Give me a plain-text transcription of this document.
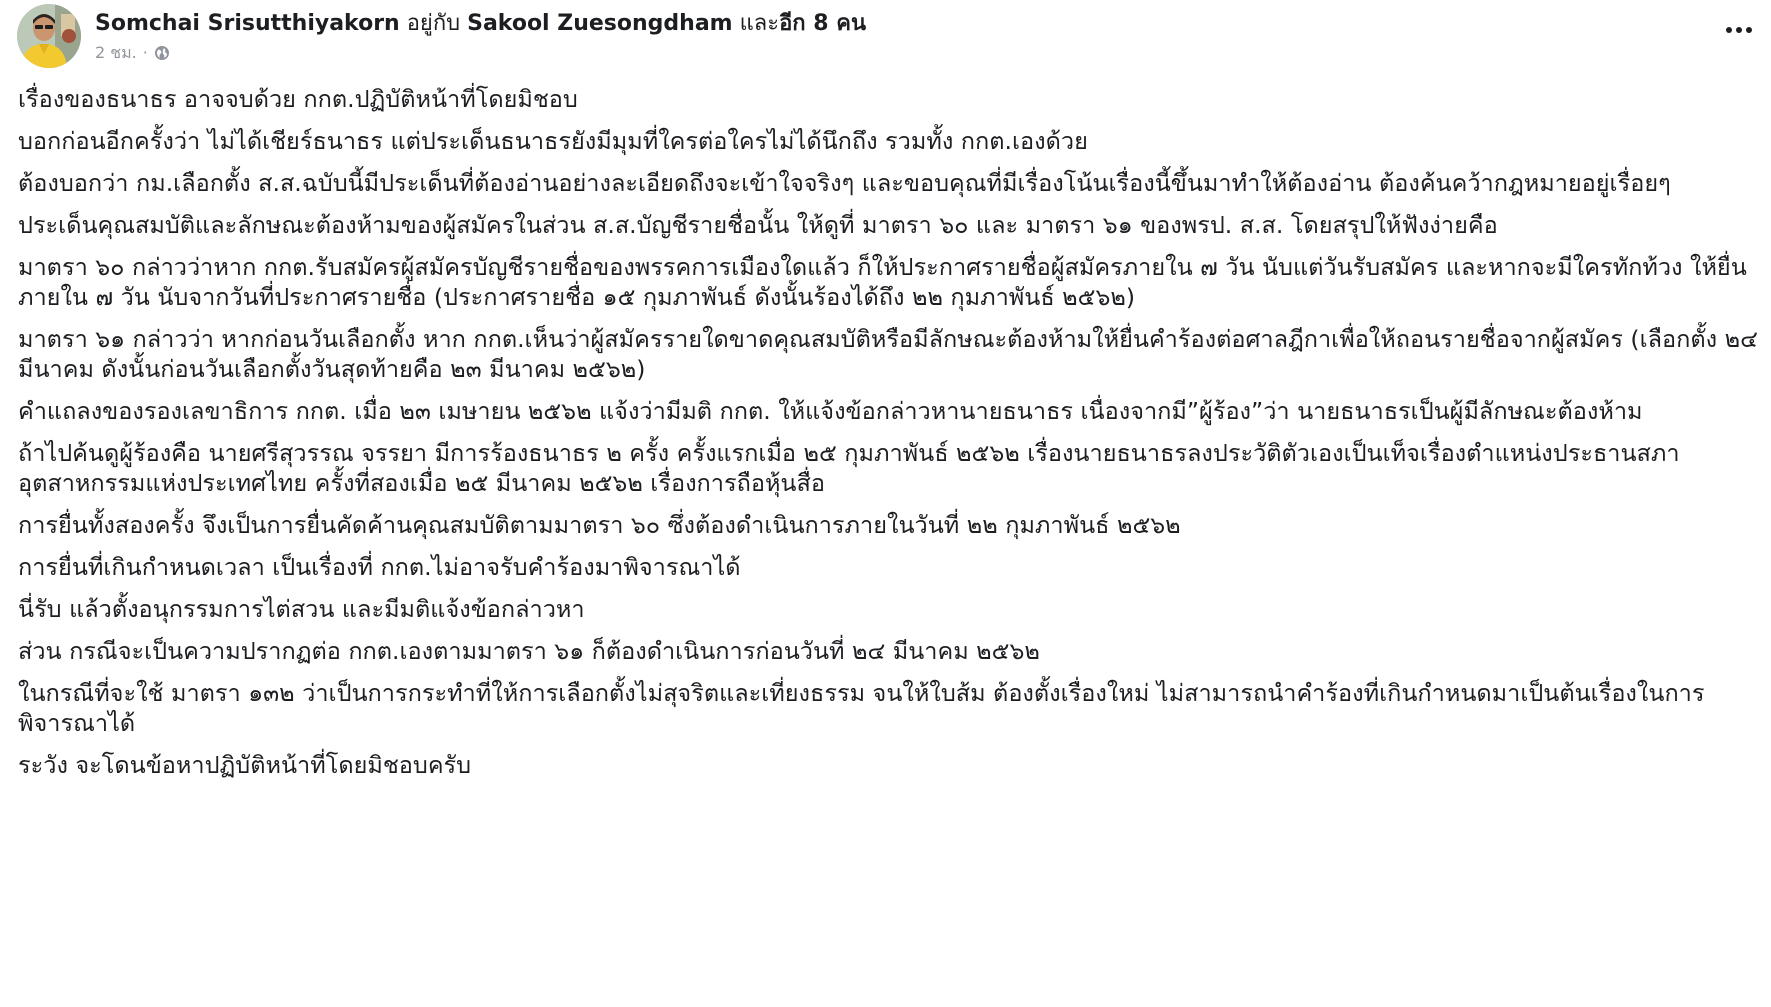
Somchai Srisutthiyakorn อยู่กับ Sakool Zuesongdham และอีก 8 คน
2 ชม. ·

เรื่องของธนาธร อาจจบด้วย กกต.ปฏิบัติหน้าที่โดยมิชอบ

บอกก่อนอีกครั้งว่า ไม่ได้เชียร์ธนาธร แต่ประเด็นธนาธรยังมีมุมที่ใครต่อใครไม่ได้นึกถึง รวมทั้ง กกต.เองด้วย

ต้องบอกว่า กม.เลือกตั้ง ส.ส.ฉบับนี้มีประเด็นที่ต้องอ่านอย่างละเอียดถึงจะเข้าใจจริงๆ และขอบคุณที่มีเรื่องโน้นเรื่องนี้ขึ้นมาทำให้ต้องอ่าน ต้องค้นคว้ากฎหมายอยู่เรื่อยๆ

ประเด็นคุณสมบัติและลักษณะต้องห้ามของผู้สมัครในส่วน ส.ส.บัญชีรายชื่อนั้น ให้ดูที่ มาตรา ๖๐ และ มาตรา ๖๑ ของพรป. ส.ส. โดยสรุปให้ฟังง่ายคือ

มาตรา ๖๐ กล่าวว่าหาก กกต.รับสมัครผู้สมัครบัญชีรายชื่อของพรรคการเมืองใดแล้ว ก็ให้ประกาศรายชื่อผู้สมัครภายใน ๗ วัน นับแต่วันรับสมัคร และหากจะมีใครทักท้วง ให้ยื่นภายใน ๗ วัน นับจากวันที่ประกาศรายชื่อ (ประกาศรายชื่อ ๑๕ กุมภาพันธ์ ดังนั้นร้องได้ถึง ๒๒ กุมภาพันธ์ ๒๕๖๒)

มาตรา ๖๑ กล่าวว่า หากก่อนวันเลือกตั้ง หาก กกต.เห็นว่าผู้สมัครรายใดขาดคุณสมบัติหรือมีลักษณะต้องห้ามให้ยื่นคำร้องต่อศาลฎีกาเพื่อให้ถอนรายชื่อจากผู้สมัคร (เลือกตั้ง ๒๔ มีนาคม ดังนั้นก่อนวันเลือกตั้งวันสุดท้ายคือ ๒๓ มีนาคม ๒๕๖๒)

คำแถลงของรองเลขาธิการ กกต. เมื่อ ๒๓ เมษายน ๒๕๖๒ แจ้งว่ามีมติ กกต. ให้แจ้งข้อกล่าวหานายธนาธร เนื่องจากมี”ผู้ร้อง”ว่า นายธนาธรเป็นผู้มีลักษณะต้องห้าม

ถ้าไปค้นดูผู้ร้องคือ นายศรีสุวรรณ จรรยา มีการร้องธนาธร ๒ ครั้ง ครั้งแรกเมื่อ ๒๕ กุมภาพันธ์ ๒๕๖๒ เรื่องนายธนาธรลงประวัติตัวเองเป็นเท็จเรื่องตำแหน่งประธานสภาอุตสาหกรรมแห่งประเทศไทย ครั้งที่สองเมื่อ ๒๕ มีนาคม ๒๕๖๒ เรื่องการถือหุ้นสื่อ

การยื่นทั้งสองครั้ง จึงเป็นการยื่นคัดค้านคุณสมบัติตามมาตรา ๖๐ ซึ่งต้องดำเนินการภายในวันที่ ๒๒ กุมภาพันธ์ ๒๕๖๒

การยื่นที่เกินกำหนดเวลา เป็นเรื่องที่ กกต.ไม่อาจรับคำร้องมาพิจารณาได้

นี่รับ แล้วตั้งอนุกรรมการไต่สวน และมีมติแจ้งข้อกล่าวหา

ส่วน กรณีจะเป็นความปรากฏต่อ กกต.เองตามมาตรา ๖๑ ก็ต้องดำเนินการก่อนวันที่ ๒๔ มีนาคม ๒๕๖๒

ในกรณีที่จะใช้ มาตรา ๑๓๒ ว่าเป็นการกระทำที่ให้การเลือกตั้งไม่สุจริตและเที่ยงธรรม จนให้ใบส้ม ต้องตั้งเรื่องใหม่ ไม่สามารถนำคำร้องที่เกินกำหนดมาเป็นต้นเรื่องในการพิจารณาได้

ระวัง จะโดนข้อหาปฏิบัติหน้าที่โดยมิชอบครับ
